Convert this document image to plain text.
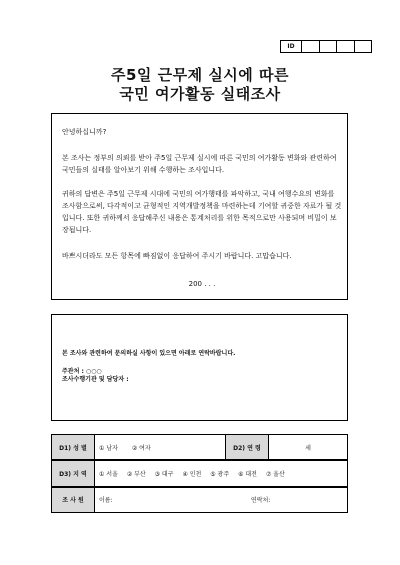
ID
주5일 근무제 실시에 따른
국민 여가활동 실태조사
안녕하십니까?
본 조사는 정부의 의뢰를 받아 주5일 근무제 실시에 따른 국민의 여가활동 변화와 관련하여 국민들의 실태를 알아보기 위해 수행하는 조사입니다.
귀하의 답변은 주5일 근무제 시대에 국민의 여가행태를 파악하고, 국내 여행수요의 변화를 조사함으로써, 다각적이고 균형적인 지역개발정책을 마련하는데 기여할 귀중한 자료가 될 것입니다. 또한 귀하께서 응답해주신 내용은 통계처리를 위한 목적으로만 사용되며 비밀이 보장됩니다.
바쁘시더라도 모든 항목에 빠짐없이 응답하여 주시기 바랍니다. 고맙습니다.
200 . . .
본 조사와 관련하여 문의하실 사항이 있으면 아래로 연락바랍니다.
주관처 : ○○○
조사수행기관 및 담당자 :
D1) 성 별	① 남자 ② 여자	D2) 연 령	세
D3) 지 역	① 서울 ② 부산 ③ 대구 ④ 인천 ⑤ 광주 ⑥ 대전 ⑦ 울산		
조 사 원	이름: 연락처:		
